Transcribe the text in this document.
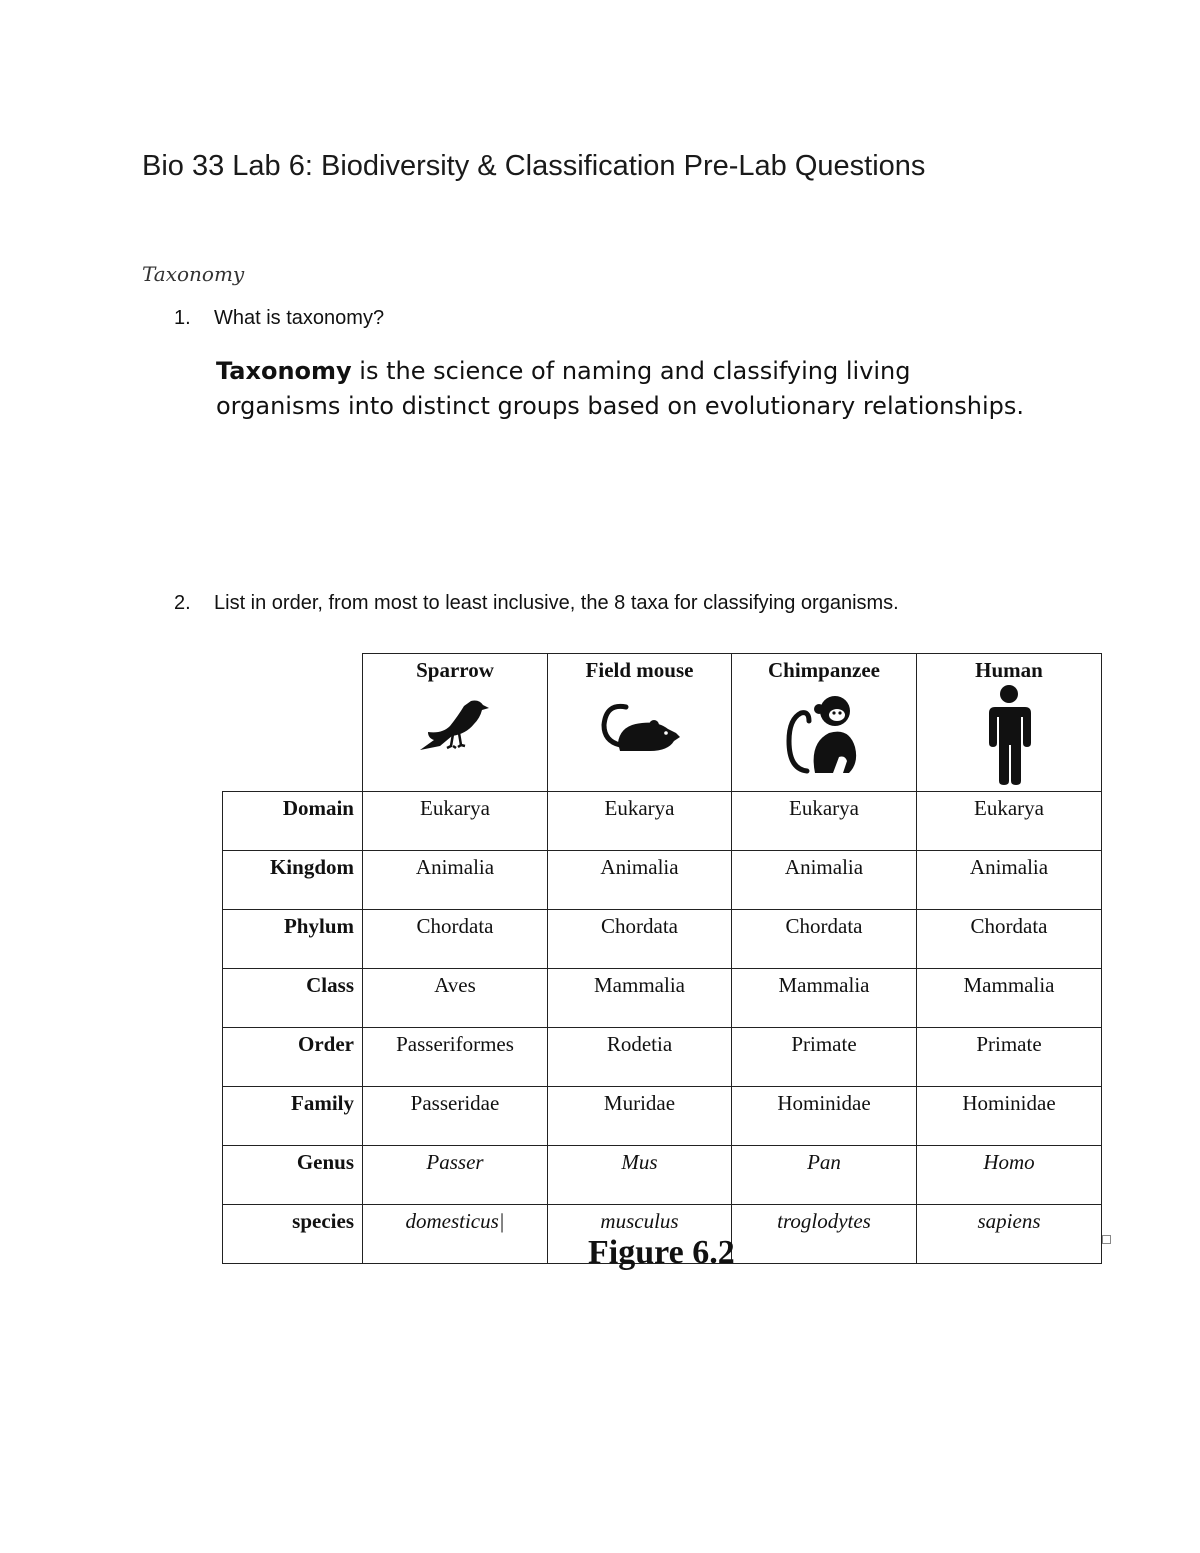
Bio 33 Lab 6: Biodiversity & Classification Pre-Lab Questions
Taxonomy
1. What is taxonomy?
Taxonomy is the science of naming and classifying living organisms into distinct groups based on evolutionary relationships.
2. List in order, from most to least inclusive, the 8 taxa for classifying organisms.

	Sparrow	Field mouse	Chimpanzee	Human

Domain	Eukarya	Eukarya	Eukarya	Eukarya
Kingdom	Animalia	Animalia	Animalia	Animalia
Phylum	Chordata	Chordata	Chordata	Chordata
Class	Aves	Mammalia	Mammalia	Mammalia
Order	Passeriformes	Rodetia	Primate	Primate
Family	Passeridae	Muridae	Hominidae	Hominidae
Genus	Passer	Mus	Pan	Homo
species	domesticus|	musculus	troglodytes	sapiens
Figure 6.2
